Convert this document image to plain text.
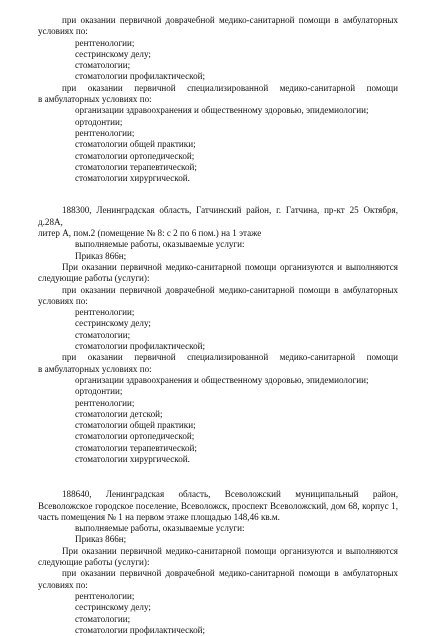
при оказании первичной доврачебной медико-санитарной помощи в амбулаторных
условиях по:
рентгенологии;
сестринскому делу;
стоматологии;
стоматологии профилактической;
при оказании первичной специализированной медико-санитарной помощи
в амбулаторных условиях по:
организации здравоохранения и общественному здоровью, эпидемиологии;
ортодонтии;
рентгенологии;
стоматологии общей практики;
стоматологии ортопедической;
стоматологии терапевтической;
стоматологии хирургической.
188300, Ленинградская область, Гатчинский район, г. Гатчина, пр-кт 25 Октября, д.28А,
литер А, пом.2 (помещение № 8: с 2 по 6 пом.) на 1 этаже
выполняемые работы, оказываемые услуги:
Приказ 866н;
При оказании первичной медико-санитарной помощи организуются и выполняются
следующие работы (услуги):
при оказании первичной доврачебной медико-санитарной помощи в амбулаторных
условиях по:
рентгенологии;
сестринскому делу;
стоматологии;
стоматологии профилактической;
при оказании первичной специализированной медико-санитарной помощи
в амбулаторных условиях по:
организации здравоохранения и общественному здоровью, эпидемиологии;
ортодонтии;
рентгенологии;
стоматологии детской;
стоматологии общей практики;
стоматологии ортопедической;
стоматологии терапевтической;
стоматологии хирургической.
188640, Ленинградская область, Всеволожский муниципальный район,
Всеволожское городское поселение, Всеволожск, проспект Всеволожский, дом 68, корпус 1,
часть помещения № 1 на первом этаже площадью 148,46 кв.м.
выполняемые работы, оказываемые услуги:
Приказ 866н;
При оказании первичной медико-санитарной помощи организуются и выполняются
следующие работы (услуги):
при оказании первичной доврачебной медико-санитарной помощи в амбулаторных
условиях по:
рентгенологии;
сестринскому делу;
стоматологии;
стоматологии профилактической;
